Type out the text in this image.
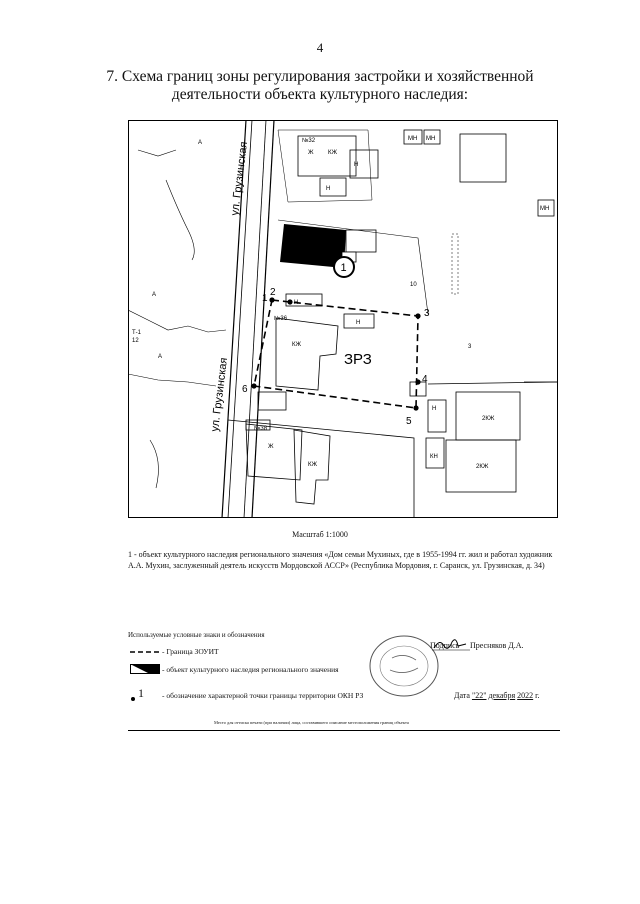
4
7. Схема границ зоны регулирования застройки и хозяйственной
деятельности объекта культурного наследия:
1
1
2
3
4
5
6
ЗРЗ
№32
№36
№38
Ж КЖ
Н
Н
МН МН
МН
КЖ
Н
Н
Н
КН
2КЖ
2КЖ
Ж
КЖ
А
А
А
10
3
12
Т-1
ул. Грузинская
ул. Грузинская
Масштаб 1:1000
1 - объект культурного наследия регионального значения «Дом семьи Мухиных, где в 1955-1994 гг. жил и работал художник А.А. Мухин, заслуженный деятель искусств Мордовской АССР» (Республика Мордовия, г. Саранск, ул. Грузинская, д. 34)
Используемые условные знаки и обозначения
- Граница ЗОУИТ
- объект культурного наследия регионального значения
1 - обозначение характерной точки границы территории ОКН РЗ
Подпись Пресняков Д.А.
Дата "22" декабря 2022 г.
Место для оттиска печати (при наличии) лица, составившего описание местоположения границ объекта
